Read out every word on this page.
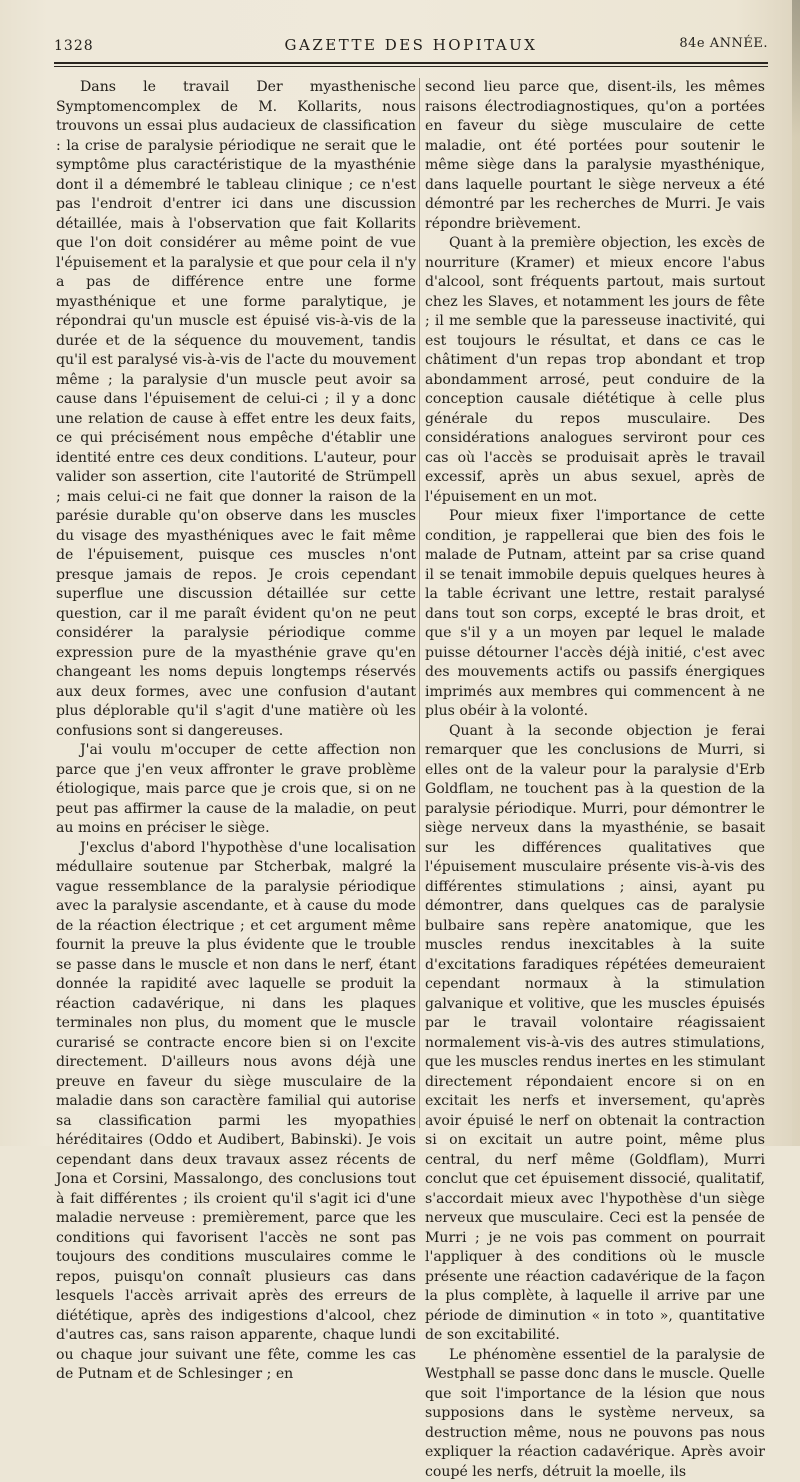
1328	GAZETTE DES HOPITAUX	84e ANNÉE.

Dans le travail Der myasthenische Symptomencomplex de M. Kollarits, nous trouvons un essai plus audacieux de classification : la crise de paralysie périodique ne serait que le symptôme plus caractéristique de la myasthénie dont il a démembré le tableau clinique ; ce n'est pas l'endroit d'entrer ici dans une discussion détaillée, mais à l'observation que fait Kollarits que l'on doit considérer au même point de vue l'épuisement et la paralysie et que pour cela il n'y a pas de différence entre une forme myasthénique et une forme paralytique, je répondrai qu'un muscle est épuisé vis-à-vis de la durée et de la séquence du mouvement, tandis qu'il est paralysé vis-à-vis de l'acte du mouvement même ; la paralysie d'un muscle peut avoir sa cause dans l'épuisement de celui-ci ; il y a donc une relation de cause à effet entre les deux faits, ce qui précisément nous empêche d'établir une identité entre ces deux conditions. L'auteur, pour valider son assertion, cite l'autorité de Strümpell ; mais celui-ci ne fait que donner la raison de la parésie durable qu'on observe dans les muscles du visage des myasthéniques avec le fait même de l'épuisement, puisque ces muscles n'ont presque jamais de repos. Je crois cependant superflue une discussion détaillée sur cette question, car il me paraît évident qu'on ne peut considérer la paralysie périodique comme expression pure de la myasthénie grave qu'en changeant les noms depuis longtemps réservés aux deux formes, avec une confusion d'autant plus déplorable qu'il s'agit d'une matière où les confusions sont si dangereuses.

J'ai voulu m'occuper de cette affection non parce que j'en veux affronter le grave problème étiologique, mais parce que je crois que, si on ne peut pas affirmer la cause de la maladie, on peut au moins en préciser le siège.

J'exclus d'abord l'hypothèse d'une localisation médullaire soutenue par Stcherbak, malgré la vague ressemblance de la paralysie périodique avec la paralysie ascendante, et à cause du mode de la réaction électrique ; et cet argument même fournit la preuve la plus évidente que le trouble se passe dans le muscle et non dans le nerf, étant donnée la rapidité avec laquelle se produit la réaction cadavérique, ni dans les plaques terminales non plus, du moment que le muscle curarisé se contracte encore bien si on l'excite directement. D'ailleurs nous avons déjà une preuve en faveur du siège musculaire de la maladie dans son caractère familial qui autorise sa classification parmi les myopathies héréditaires (Oddo et Audibert, Babinski). Je vois cependant dans deux travaux assez récents de Jona et Corsini, Massalongo, des conclusions tout à fait différentes ; ils croient qu'il s'agit ici d'une maladie nerveuse : premièrement, parce que les conditions qui favorisent l'accès ne sont pas toujours des conditions musculaires comme le repos, puisqu'on connaît plusieurs cas dans lesquels l'accès arrivait après des erreurs de diététique, après des indigestions d'alcool, chez d'autres cas, sans raison apparente, chaque lundi ou chaque jour suivant une fête, comme les cas de Putnam et de Schlesinger ; en

second lieu parce que, disent-ils, les mêmes raisons électrodiagnostiques, qu'on a portées en faveur du siège musculaire de cette maladie, ont été portées pour soutenir le même siège dans la paralysie myasthénique, dans laquelle pourtant le siège nerveux a été démontré par les recherches de Murri. Je vais répondre brièvement.

Quant à la première objection, les excès de nourriture (Kramer) et mieux encore l'abus d'alcool, sont fréquents partout, mais surtout chez les Slaves, et notamment les jours de fête ; il me semble que la paresseuse inactivité, qui est toujours le résultat, et dans ce cas le châtiment d'un repas trop abondant et trop abondamment arrosé, peut conduire de la conception causale diététique à celle plus générale du repos musculaire. Des considérations analogues serviront pour ces cas où l'accès se produisait après le travail excessif, après un abus sexuel, après de l'épuisement en un mot.

Pour mieux fixer l'importance de cette condition, je rappellerai que bien des fois le malade de Putnam, atteint par sa crise quand il se tenait immobile depuis quelques heures à la table écrivant une lettre, restait paralysé dans tout son corps, excepté le bras droit, et que s'il y a un moyen par lequel le malade puisse détourner l'accès déjà initié, c'est avec des mouvements actifs ou passifs énergiques imprimés aux membres qui commencent à ne plus obéir à la volonté.

Quant à la seconde objection je ferai remarquer que les conclusions de Murri, si elles ont de la valeur pour la paralysie d'Erb Goldflam, ne touchent pas à la question de la paralysie périodique. Murri, pour démontrer le siège nerveux dans la myasthénie, se basait sur les différences qualitatives que l'épuisement musculaire présente vis-à-vis des différentes stimulations ; ainsi, ayant pu démontrer, dans quelques cas de paralysie bulbaire sans repère anatomique, que les muscles rendus inexcitables à la suite d'excitations faradiques répétées demeuraient cependant normaux à la stimulation galvanique et volitive, que les muscles épuisés par le travail volontaire réagissaient normalement vis-à-vis des autres stimulations, que les muscles rendus inertes en les stimulant directement répondaient encore si on en excitait les nerfs et inversement, qu'après avoir épuisé le nerf on obtenait la contraction si on excitait un autre point, même plus central, du nerf même (Goldflam), Murri conclut que cet épuisement dissocié, qualitatif, s'accordait mieux avec l'hypothèse d'un siège nerveux que musculaire. Ceci est la pensée de Murri ; je ne vois pas comment on pourrait l'appliquer à des conditions où le muscle présente une réaction cadavérique de la façon la plus complète, à laquelle il arrive par une période de diminution « in toto », quantitative de son excitabilité.

Le phénomène essentiel de la paralysie de Westphall se passe donc dans le muscle. Quelle que soit l'importance de la lésion que nous supposions dans le système nerveux, sa destruction même, nous ne pouvons pas nous expliquer la réaction cadavérique. Après avoir coupé les nerfs, détruit la moelle, ils
